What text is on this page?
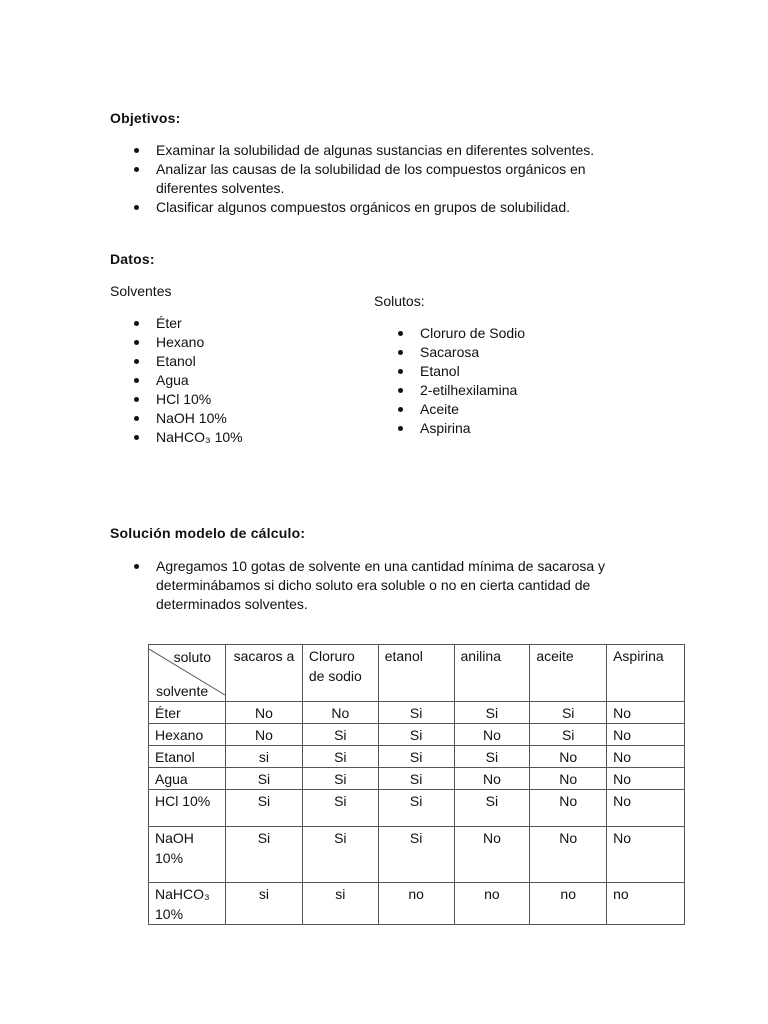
Objetivos:
Examinar la solubilidad de algunas sustancias en diferentes solventes.
Analizar las causas de la solubilidad de los compuestos orgánicos en diferentes solventes.
Clasificar algunos compuestos orgánicos en grupos de solubilidad.
Datos:
Solventes
Éter
Hexano
Etanol
Agua
HCl 10%
NaOH 10%
NaHCO₃ 10%
Solutos:
Cloruro de Sodio
Sacarosa
Etanol
2-etilhexilamina
Aceite
Aspirina
Solución modelo de cálculo:
Agregamos 10 gotas de solvente en una cantidad mínima de sacarosa y determinábamos si dicho soluto era soluble o no en cierta cantidad de determinados solventes.
soluto
solvente	sacaros a	Cloruro de sodio	etanol	anilina	aceite	Aspirina
Éter	No	No	Si	Si	Si	No
Hexano	No	Si	Si	No	Si	No
Etanol	si	Si	Si	Si	No	No
Agua	Si	Si	Si	No	No	No
HCl 10%	Si	Si	Si	Si	No	No
NaOH 10%	Si	Si	Si	No	No	No
NaHCO₃ 10%	si	si	no	no	no	no
